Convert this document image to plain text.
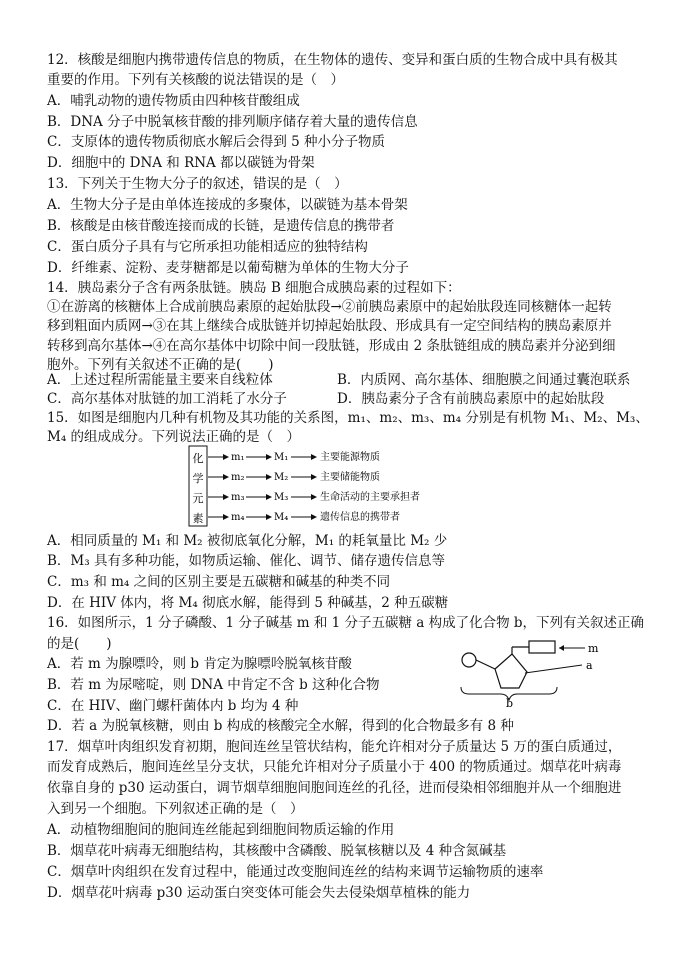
12．核酸是细胞内携带遗传信息的物质，在生物体的遗传、变异和蛋白质的生物合成中具有极其
重要的作用。下列有关核酸的说法错误的是（　）
A．哺乳动物的遗传物质由四种核苷酸组成
B．DNA 分子中脱氧核苷酸的排列顺序储存着大量的遗传信息
C．支原体的遗传物质彻底水解后会得到 5 种小分子物质
D．细胞中的 DNA 和 RNA 都以碳链为骨架
13．下列关于生物大分子的叙述，错误的是（　）
A．生物大分子是由单体连接成的多聚体，以碳链为基本骨架
B．核酸是由核苷酸连接而成的长链，是遗传信息的携带者
C．蛋白质分子具有与它所承担功能相适应的独特结构
D．纤维素、淀粉、麦芽糖都是以葡萄糖为单体的生物大分子
14．胰岛素分子含有两条肽链。胰岛 B 细胞合成胰岛素的过程如下：
①在游离的核糖体上合成前胰岛素原的起始肽段→②前胰岛素原中的起始肽段连同核糖体一起转
移到粗面内质网→③在其上继续合成肽链并切掉起始肽段、形成具有一定空间结构的胰岛素原并
转移到高尔基体→④在高尔基体中切除中间一段肽链，形成由 2 条肽链组成的胰岛素并分泌到细
胞外。下列有关叙述不正确的是(　　)
A．上述过程所需能量主要来自线粒体	B．内质网、高尔基体、细胞膜之间通过囊泡联系
C．高尔基体对肽链的加工消耗了水分子	D．胰岛素分子含有前胰岛素原中的起始肽段
15．如图是细胞内几种有机物及其功能的关系图，m₁、m₂、m₃、m₄ 分别是有机物 M₁、M₂、M₃、
M₄ 的组成成分。下列说法正确的是（　）
化
学
元
素
m₁	M₁	主要能源物质
m₂	M₂	主要储能物质
m₃	M₃	生命活动的主要承担者
m₄	M₄	遗传信息的携带者
A．相同质量的 M₁ 和 M₂ 被彻底氧化分解，M₁ 的耗氧量比 M₂ 少
B．M₃ 具有多种功能，如物质运输、催化、调节、储存遗传信息等
C．m₃ 和 m₄ 之间的区别主要是五碳糖和碱基的种类不同
D．在 HIV 体内，将 M₄ 彻底水解，能得到 5 种碱基，2 种五碳糖
16．如图所示，1 分子磷酸、1 分子碱基 m 和 1 分子五碳糖 a 构成了化合物 b，下列有关叙述正确
的是(　　)	m
a
b
A．若 m 为腺嘌呤，则 b 肯定为腺嘌呤脱氧核苷酸
B．若 m 为尿嘧啶，则 DNA 中肯定不含 b 这种化合物
C．在 HIV、幽门螺杆菌体内 b 均为 4 种
D．若 a 为脱氧核糖，则由 b 构成的核酸完全水解，得到的化合物最多有 8 种
17．烟草叶肉组织发育初期，胞间连丝呈管状结构，能允许相对分子质量达 5 万的蛋白质通过，
而发育成熟后，胞间连丝呈分支状，只能允许相对分子质量小于 400 的物质通过。烟草花叶病毒
依靠自身的 p30 运动蛋白，调节烟草细胞间胞间连丝的孔径，进而侵染相邻细胞并从一个细胞进
入到另一个细胞。下列叙述正确的是（　）
A．动植物细胞间的胞间连丝能起到细胞间物质运输的作用
B．烟草花叶病毒无细胞结构，其核酸中含磷酸、脱氧核糖以及 4 种含氮碱基
C．烟草叶肉组织在发育过程中，能通过改变胞间连丝的结构来调节运输物质的速率
D．烟草花叶病毒 p30 运动蛋白突变体可能会失去侵染烟草植株的能力
